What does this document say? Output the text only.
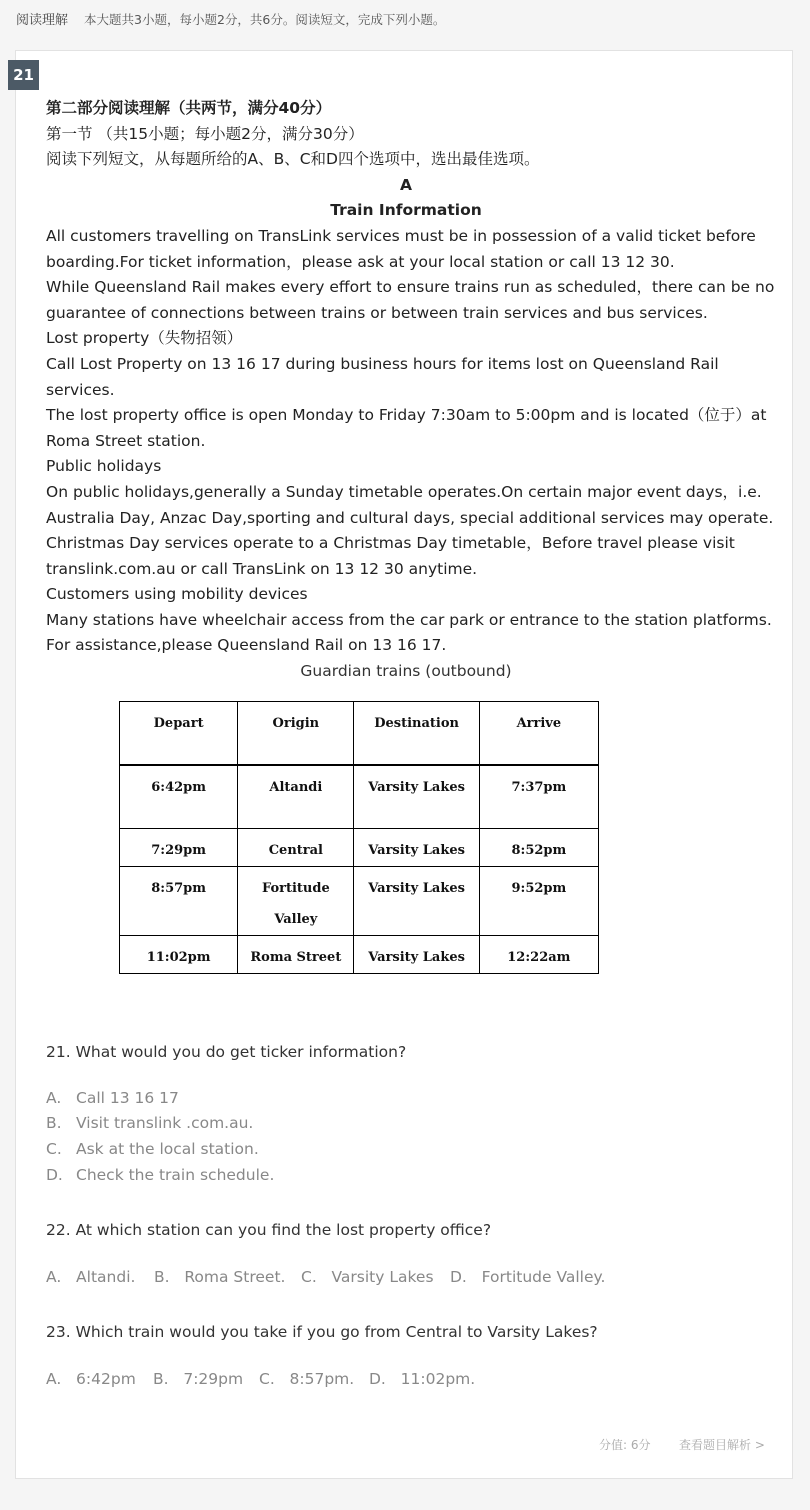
阅读理解 本大题共3小题，每小题2分，共6分。阅读短文，完成下列小题。
21
第二部分阅读理解（共两节，满分40分）
第一节 （共15小题；每小题2分，满分30分）
阅读下列短文，从每题所给的A、B、C和D四个选项中，选出最佳选项。
A
Train Information
All customers travelling on TransLink services must be in possession of a valid ticket before
boarding.For ticket information，please ask at your local station or call 13 12 30.
While Queensland Rail makes every effort to ensure trains run as scheduled，there can be no
guarantee of connections between trains or between train services and bus services.
Lost property（失物招领）
Call Lost Property on 13 16 17 during business hours for items lost on Queensland Rail
services.
The lost property office is open Monday to Friday 7:30am to 5:00pm and is located（位于）at
Roma Street station.
Public holidays
On public holidays,generally a Sunday timetable operates.On certain major event days，i.e.
Australia Day, Anzac Day,sporting and cultural days, special additional services may operate.
Christmas Day services operate to a Christmas Day timetable，Before travel please visit
translink.com.au or call TransLink on 13 12 30 anytime.
Customers using mobility devices
Many stations have wheelchair access from the car park or entrance to the station platforms.
For assistance,please Queensland Rail on 13 16 17.
Guardian trains (outbound)
Depart	Origin	Destination	Arrive
6:42pm	Altandi	Varsity Lakes	7:37pm
7:29pm	Central	Varsity Lakes	8:52pm
8:57pm	Fortitude Valley	Varsity Lakes	9:52pm
11:02pm	Roma Street	Varsity Lakes	12:22am
21. What would you do get ticker information?
A. Call 13 16 17
B. Visit translink .com.au.
C. Ask at the local station.
D. Check the train schedule.
22. At which station can you find the lost property office?
A. Altandi. B. Roma Street. C. Varsity Lakes D. Fortitude Valley.
23. Which train would you take if you go from Central to Varsity Lakes?
A. 6:42pm B. 7:29pm C. 8:57pm. D. 11:02pm.
分值: 6分 查看题目解析 >
